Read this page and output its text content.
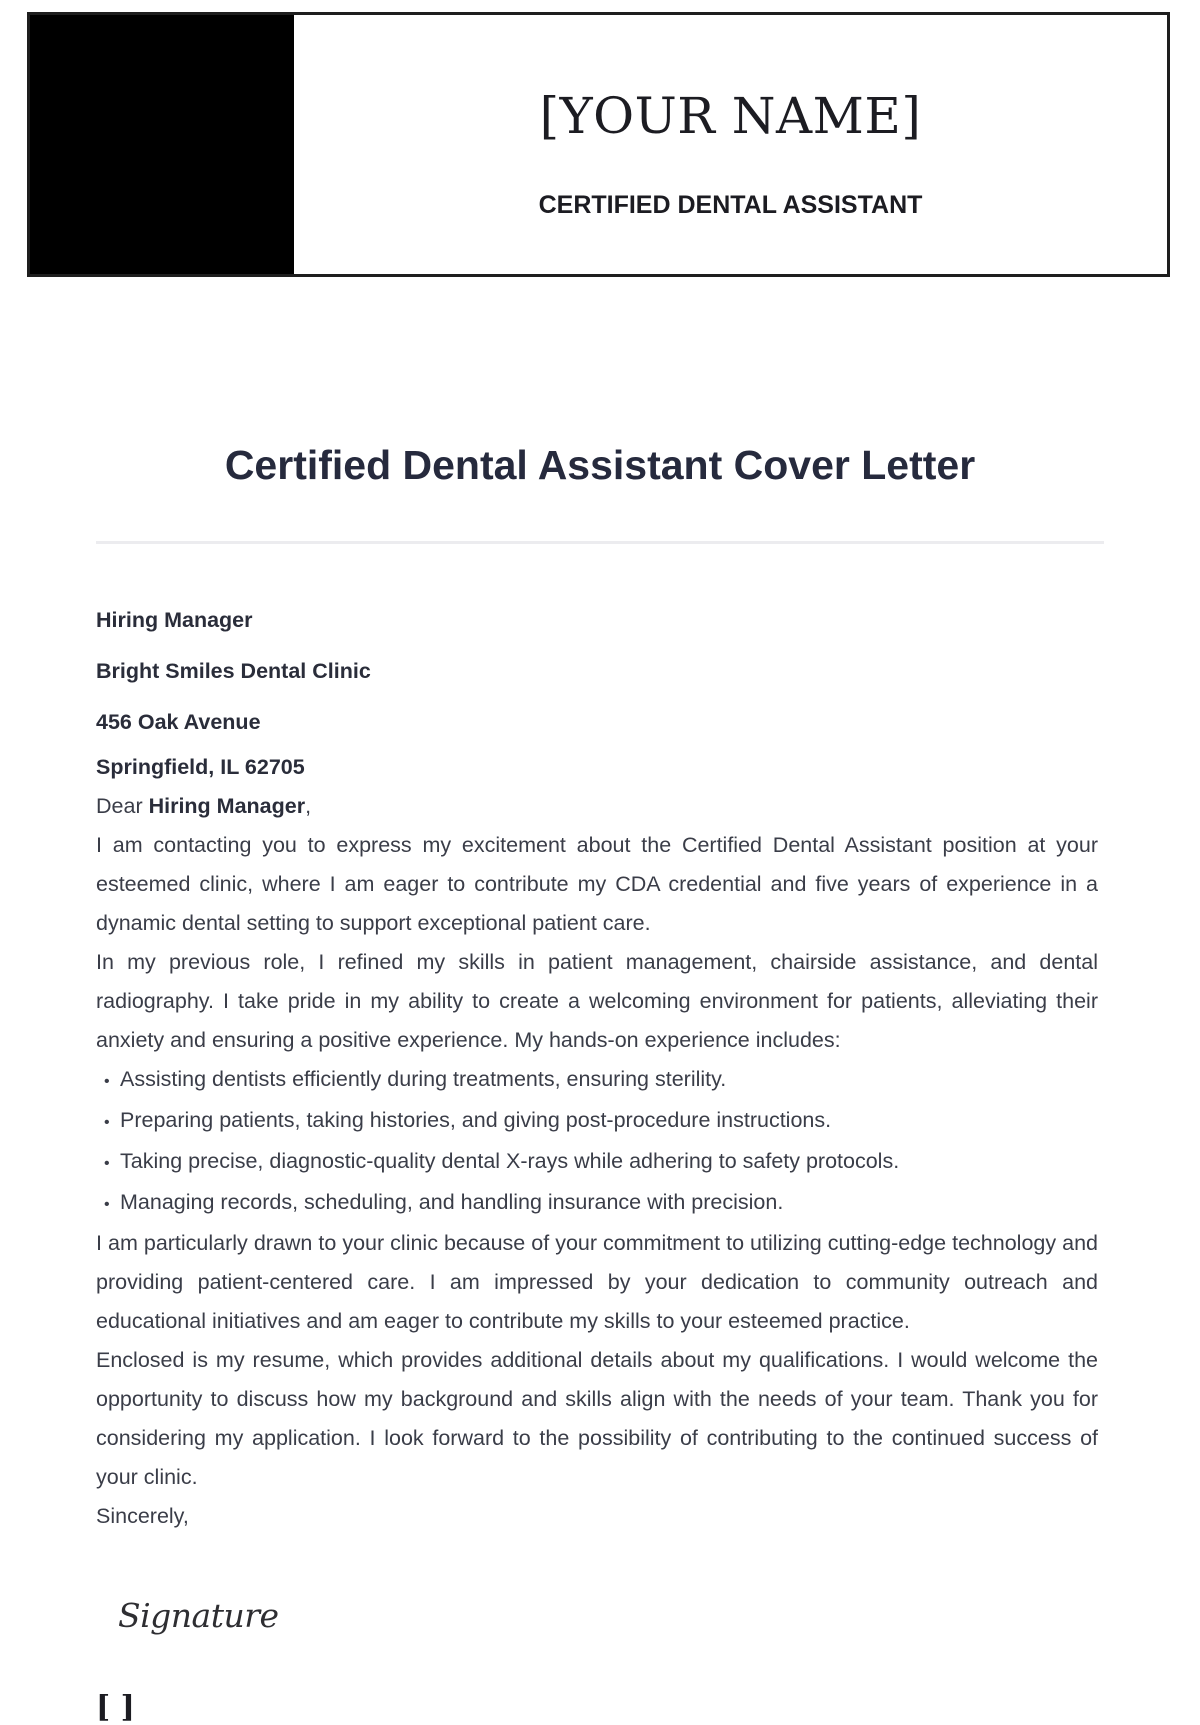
[YOUR NAME]
CERTIFIED DENTAL ASSISTANT
Certified Dental Assistant Cover Letter
Hiring Manager
Bright Smiles Dental Clinic
456 Oak Avenue
Springfield, IL 62705
Dear Hiring Manager,

I am contacting you to express my excitement about the Certified Dental Assistant position at your esteemed clinic, where I am eager to contribute my CDA credential and five years of experience in a dynamic dental setting to support exceptional patient care.

In my previous role, I refined my skills in patient management, chairside assistance, and dental radiography. I take pride in my ability to create a welcoming environment for patients, alleviating their anxiety and ensuring a positive experience. My hands-on experience includes:

• Assisting dentists efficiently during treatments, ensuring sterility.
• Preparing patients, taking histories, and giving post-procedure instructions.
• Taking precise, diagnostic-quality dental X-rays while adhering to safety protocols.
• Managing records, scheduling, and handling insurance with precision.

I am particularly drawn to your clinic because of your commitment to utilizing cutting-edge technology and providing patient-centered care. I am impressed by your dedication to community outreach and educational initiatives and am eager to contribute my skills to your esteemed practice.

Enclosed is my resume, which provides additional details about my qualifications. I would welcome the opportunity to discuss how my background and skills align with the needs of your team. Thank you for considering my application. I look forward to the possibility of contributing to the continued success of your clinic.

Sincerely,
Signature
[ ]
